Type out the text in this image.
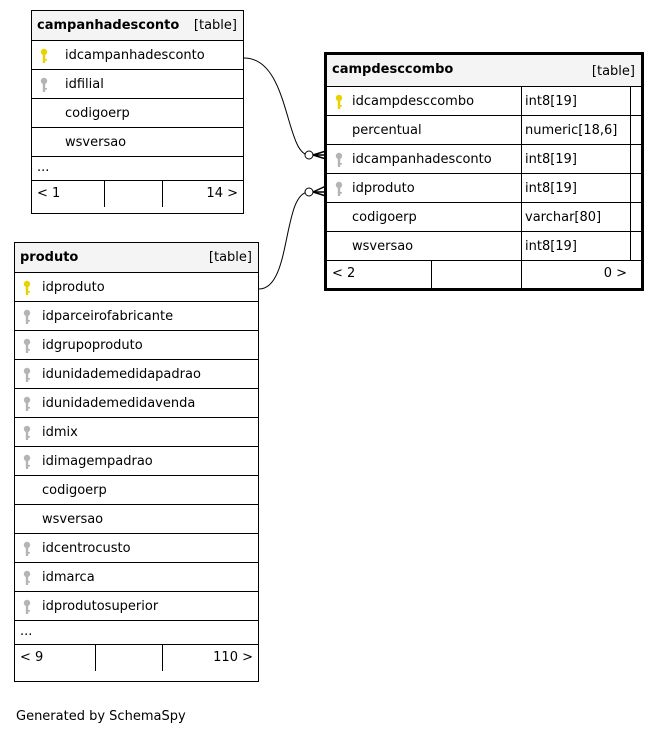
campanhadesconto [table]
idcampanhadesconto
idfilial
codigoerp
wsversao
...
< 1	14 >
produto	[table]
idproduto
idparceirofabricante
idgrupoproduto
idunidademedidapadrao
idunidademedidavenda
idmix
idimagempadrao
codigoerp
wsversao
idcentrocusto
idmarca
idprodutosuperior
...
< 9	110 >
campdesccombo	[table]
idcampdesccombo	int8[19]
percentual	numeric[18,6]
idcampanhadesconto	int8[19]
idproduto	int8[19]
codigoerp	varchar[80]
wsversao	int8[19]
< 2	0 >
Generated by SchemaSpy
